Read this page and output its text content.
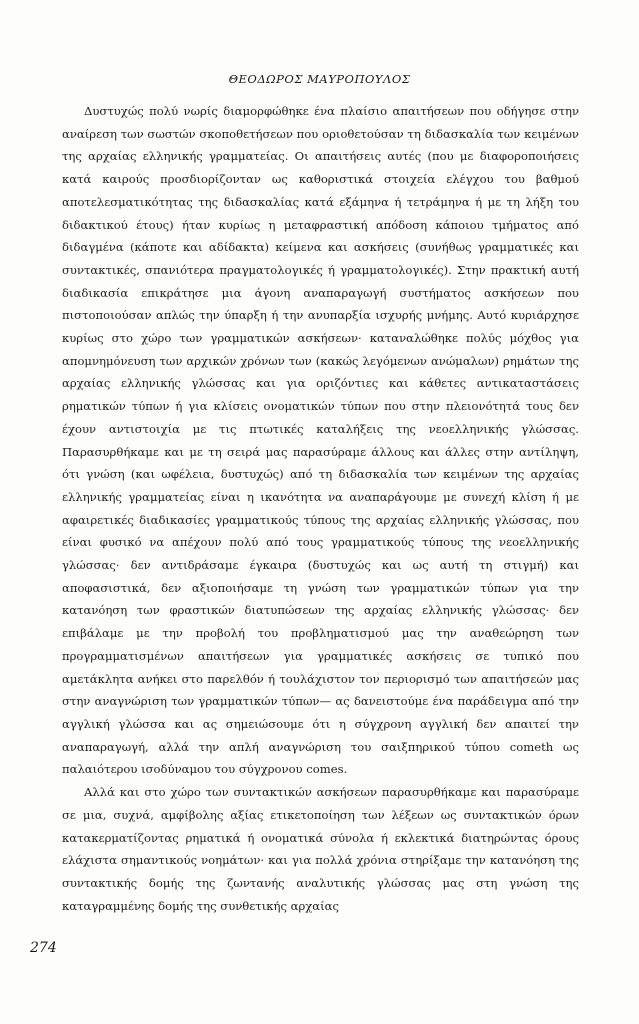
ΘΕΟΔΩΡΟΣ ΜΑΥΡΟΠΟΥΛΟΣ

Δυστυχώς πολύ νωρίς διαμορφώθηκε ένα πλαίσιο απαιτήσεων που οδήγησε στην αναίρεση των σωστών σκοποθετήσεων που οριοθετούσαν τη διδασκαλία των κειμένων της αρχαίας ελληνικής γραμματείας. Οι απαιτήσεις αυτές (που με διαφοροποιήσεις κατά καιρούς προσδιορίζονταν ως καθοριστικά στοιχεία ελέγχου του βαθμού αποτελεσματικότητας της διδασκαλίας κατά εξάμηνα ή τετράμηνα ή με τη λήξη του διδακτικού έτους) ήταν κυρίως η μεταφραστική απόδοση κάποιου τμήματος από διδαγμένα (κάποτε και αδίδακτα) κείμενα και ασκήσεις (συνήθως γραμματικές και συντακτικές, σπανιότερα πραγματολογικές ή γραμματολογικές). Στην πρακτική αυτή διαδικασία επικράτησε μια άγονη αναπαραγωγή συστήματος ασκήσεων που πιστοποιούσαν απλώς την ύπαρξη ή την ανυπαρξία ισχυρής μνήμης. Αυτό κυριάρχησε κυρίως στο χώρο των γραμματικών ασκήσεων· καταναλώθηκε πολύς μόχθος για απομνημόνευση των αρχικών χρόνων των (κακώς λεγόμενων ανώμαλων) ρημάτων της αρχαίας ελληνικής γλώσσας και για οριζόντιες και κάθετες αντικαταστάσεις ρηματικών τύπων ή για κλίσεις ονοματικών τύπων που στην πλειονότητά τους δεν έχουν αντιστοιχία με τις πτωτικές καταλήξεις της νεοελληνικής γλώσσας. Παρασυρθήκαμε και με τη σειρά μας παρασύραμε άλλους και άλλες στην αντίληψη, ότι γνώση (και ωφέλεια, δυστυχώς) από τη διδασκαλία των κειμένων της αρχαίας ελληνικής γραμματείας είναι η ικανότητα να αναπαράγουμε με συνεχή κλίση ή με αφαιρετικές διαδικασίες γραμματικούς τύπους της αρχαίας ελληνικής γλώσσας, που είναι φυσικό να απέχουν πολύ από τους γραμματικούς τύπους της νεοελληνικής γλώσσας· δεν αντιδράσαμε έγκαιρα (δυστυχώς και ως αυτή τη στιγμή) και αποφασιστικά, δεν αξιοποιήσαμε τη γνώση των γραμματικών τύπων για την κατανόηση των φραστικών διατυπώσεων της αρχαίας ελληνικής γλώσσας· δεν επιβάλαμε με την προβολή του προβληματισμού μας την αναθεώρηση των προγραμματισμένων απαιτήσεων για γραμματικές ασκήσεις σε τυπικό που αμετάκλητα ανήκει στο παρελθόν ή τουλάχιστον τον περιορισμό των απαιτήσεών μας στην αναγνώριση των γραμματικών τύπων— ας δανειστούμε ένα παράδειγμα από την αγγλική γλώσσα και ας σημειώσουμε ότι η σύγχρονη αγγλική δεν απαιτεί την αναπαραγωγή, αλλά την απλή αναγνώριση του σαιξπηρικού τύπου cometh ως παλαιότερου ισοδύναμου του σύγχρονου comes.

Αλλά και στο χώρο των συντακτικών ασκήσεων παρασυρθήκαμε και παρασύραμε σε μια, συχνά, αμφίβολης αξίας ετικετοποίηση των λέξεων ως συντακτικών όρων κατακερματίζοντας ρηματικά ή ονοματικά σύνολα ή εκλεκτικά διατηρώντας όρους ελάχιστα σημαντικούς νοημάτων· και για πολλά χρόνια στηρίξαμε την κατανόηση της συντακτικής δομής της ζωντανής αναλυτικής γλώσσας μας στη γνώση της καταγραμμένης δομής της συνθετικής αρχαίας

274
